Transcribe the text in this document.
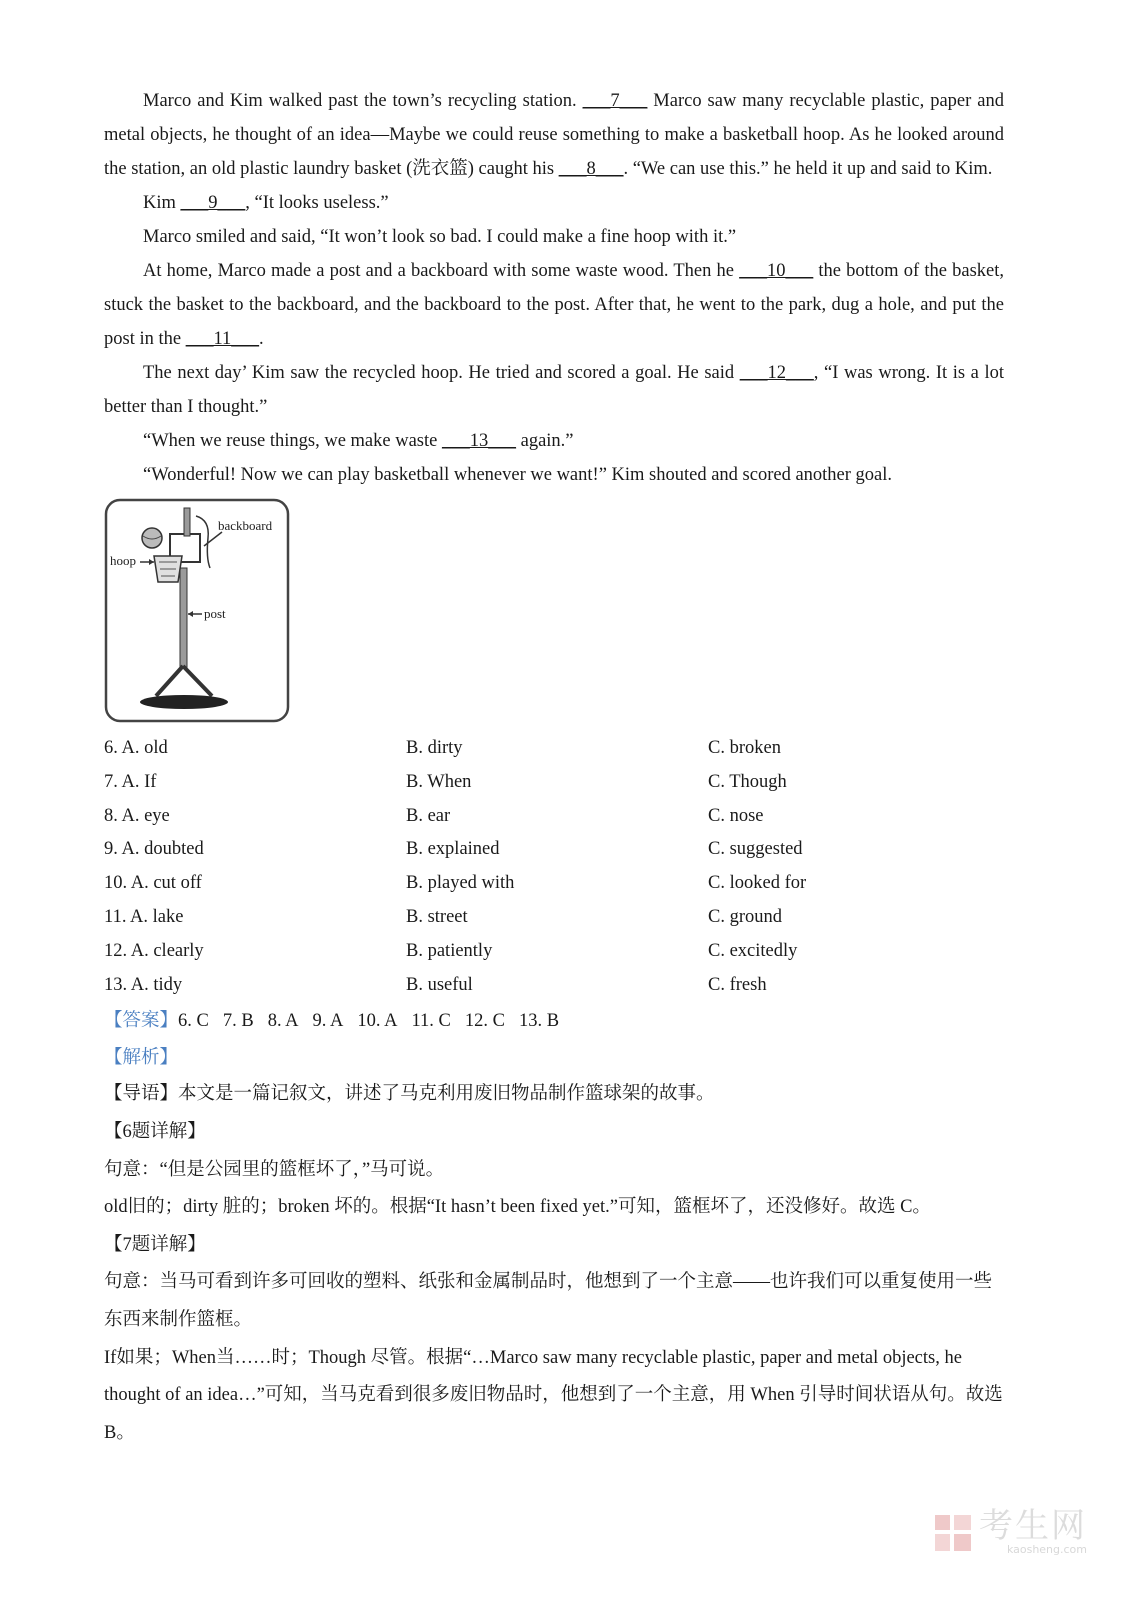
Marco and Kim walked past the town’s recycling station. ___7___ Marco saw many recyclable plastic, paper and metal objects, he thought of an idea—Maybe we could reuse something to make a basketball hoop. As he looked around the station, an old plastic laundry basket (洗衣篮) caught his ___8___. “We can use this.” he held it up and said to Kim.

Kim ___9___, “It looks useless.”

Marco smiled and said, “It won’t look so bad. I could make a fine hoop with it.”

At home, Marco made a post and a backboard with some waste wood. Then he ___10___ the bottom of the basket, stuck the basket to the backboard, and the backboard to the post. After that, he went to the park, dug a hole, and put the post in the ___11___.

The next day’ Kim saw the recycled hoop. He tried and scored a goal. He said ___12___, “I was wrong. It is a lot better than I thought.”

“When we reuse things, we make waste ___13___ again.”

“Wonderful! Now we can play basketball whenever we want!” Kim shouted and scored another goal.

backboard
hoop
post
6. A. old	B. dirty	C. broken
7. A. If	B. When	C. Though
8. A. eye	B. ear	C. nose
9. A. doubted	B. explained	C. suggested
10. A. cut off	B. played with	C. looked for
11. A. lake	B. street	C. ground
12. A. clearly	B. patiently	C. excitedly
13. A. tidy	B. useful	C. fresh
【答案】6. C 7. B 8. A 9. A 10. A 11. C 12. C 13. B
【解析】

【导语】本文是一篇记叙文，讲述了马克利用废旧物品制作篮球架的故事。

【6题详解】

句意：“但是公园里的篮框坏了，”马可说。

old旧的；dirty 脏的；broken 坏的。根据“It hasn’t been fixed yet.”可知，篮框坏了，还没修好。故选 C。

【7题详解】

句意：当马可看到许多可回收的塑料、纸张和金属制品时，他想到了一个主意——也许我们可以重复使用一些东西来制作篮框。

If如果；When当……时；Though 尽管。根据“…Marco saw many recyclable plastic, paper and metal objects, he thought of an idea…”可知，当马克看到很多废旧物品时，他想到了一个主意，用 When 引导时间状语从句。故选 B。

考生网
kaosheng.com
